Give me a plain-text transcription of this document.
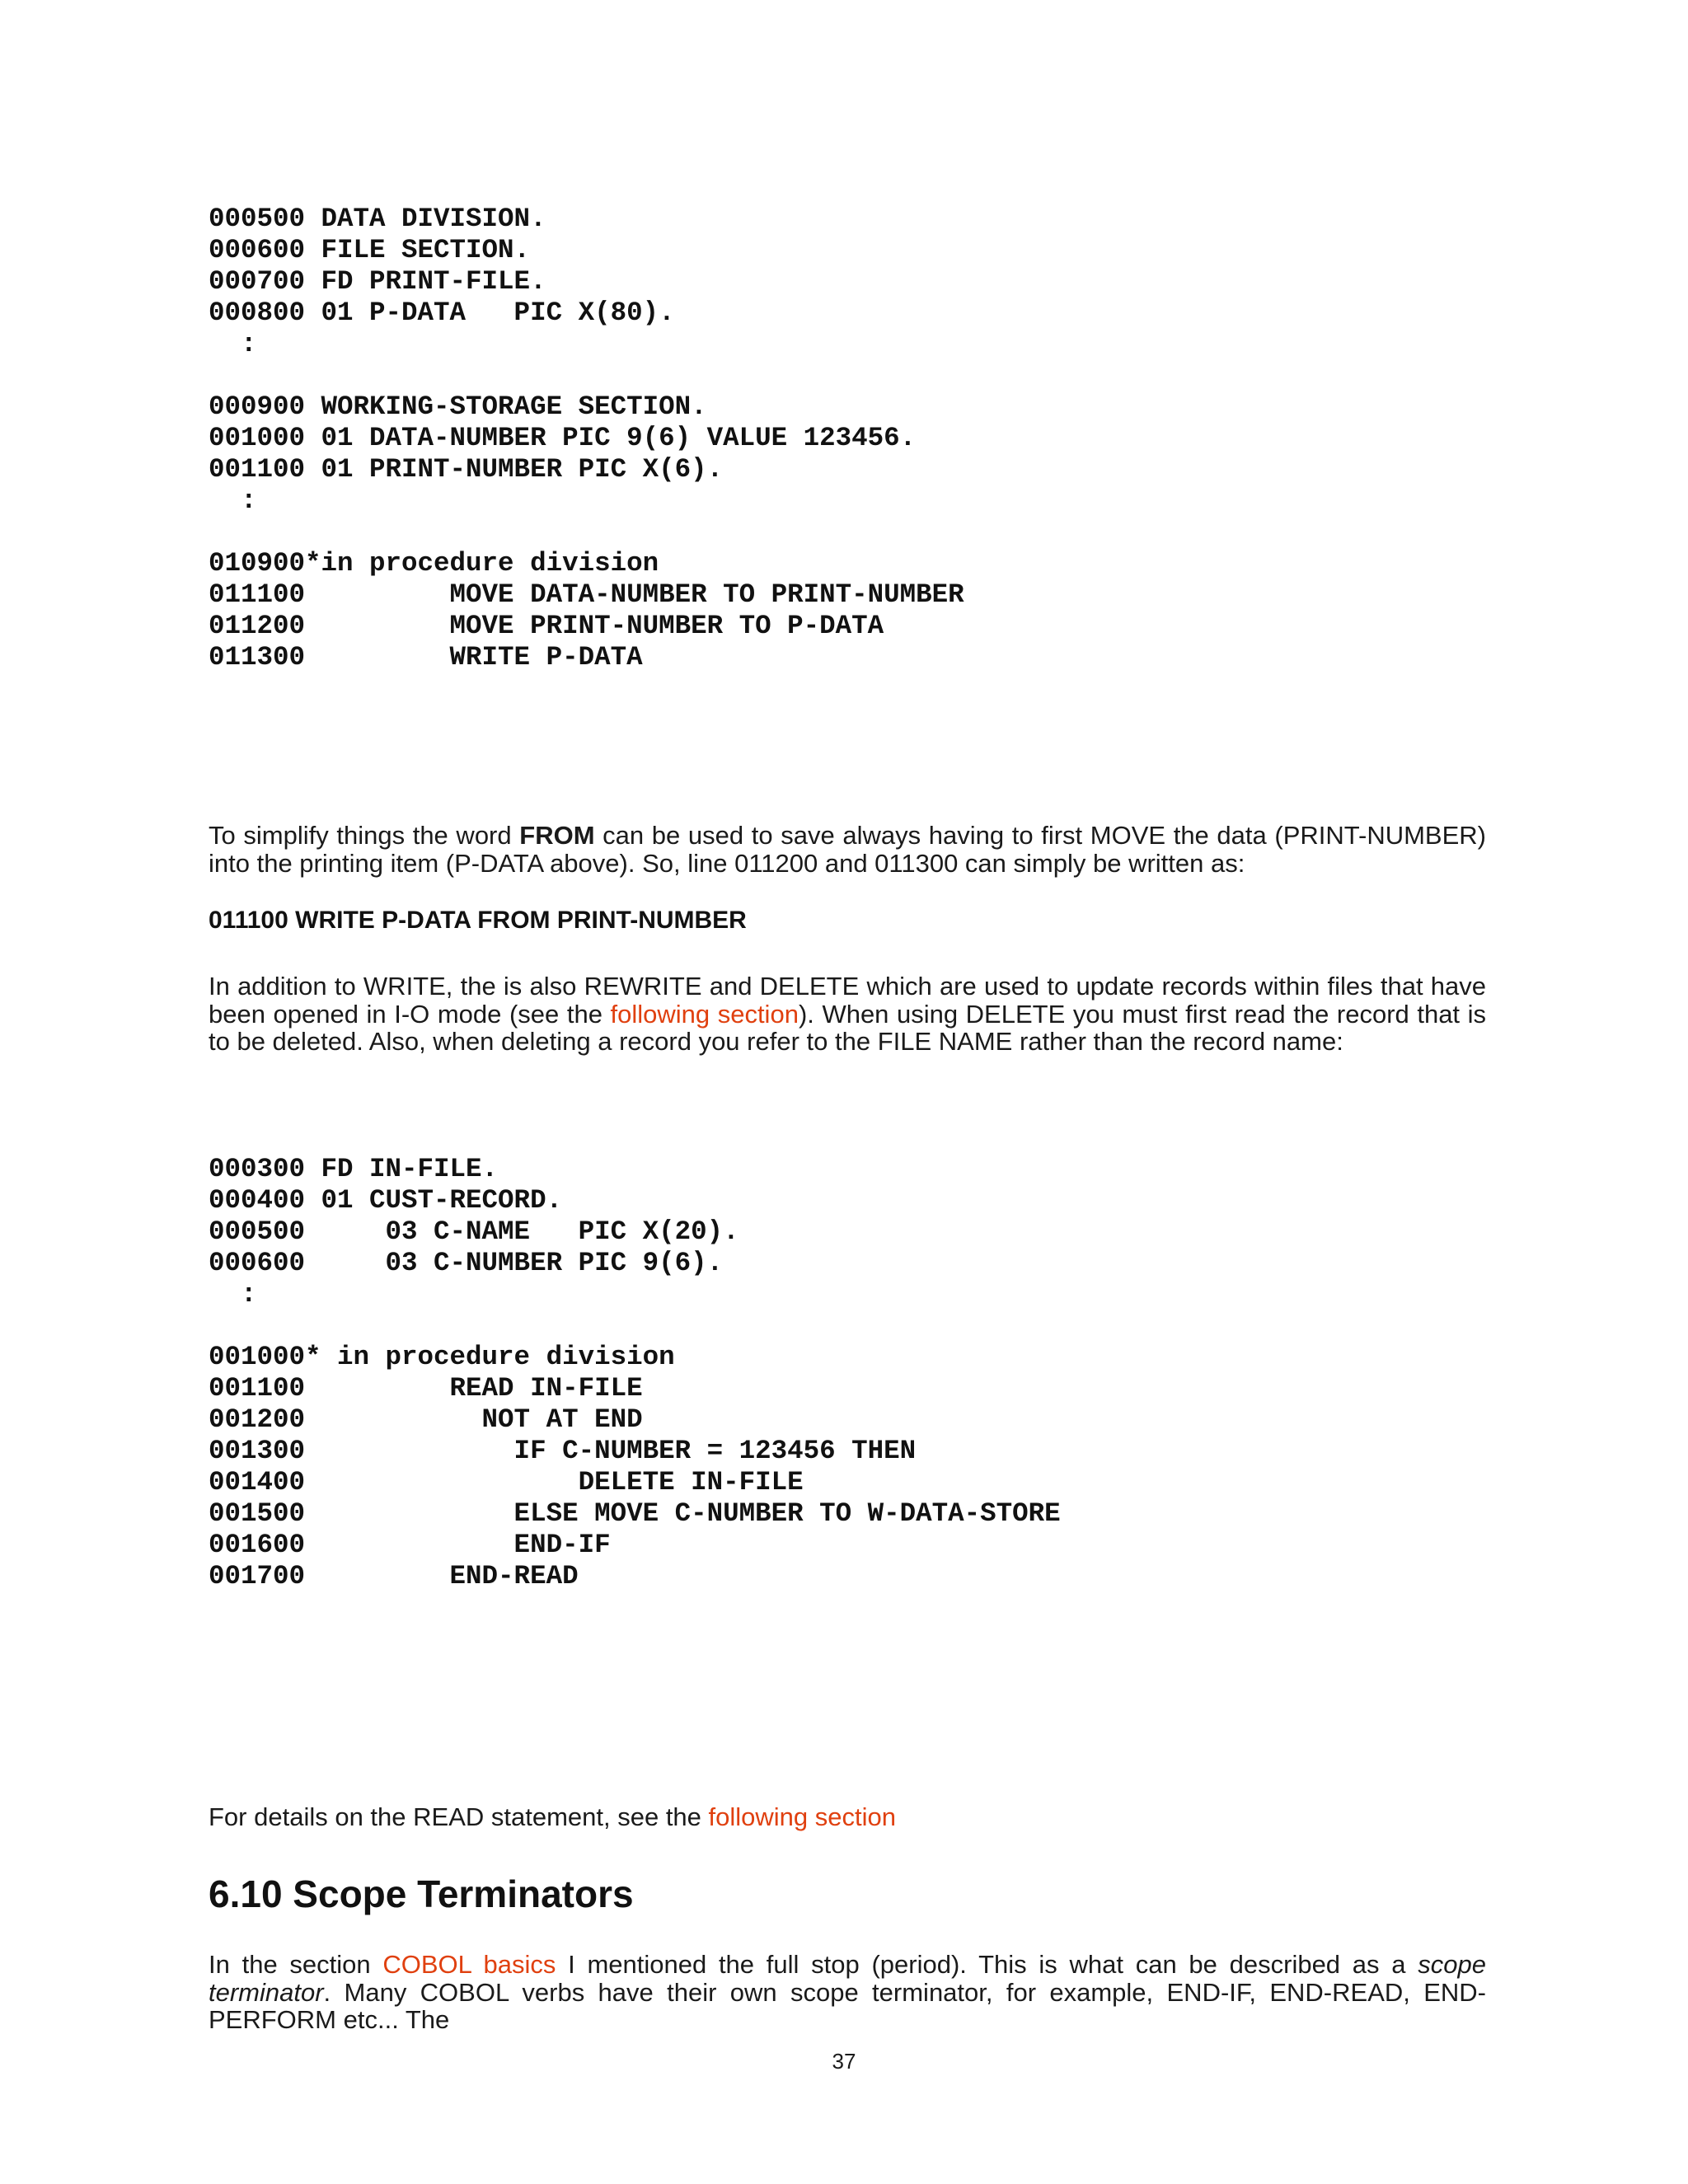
000500 DATA DIVISION.
000600 FILE SECTION.
000700 FD PRINT-FILE.
000800 01 P-DATA   PIC X(80).
:
000900 WORKING-STORAGE SECTION.
001000 01 DATA-NUMBER PIC 9(6) VALUE 123456.
001100 01 PRINT-NUMBER PIC X(6).
:
010900*in procedure division
011100         MOVE DATA-NUMBER TO PRINT-NUMBER
011200         MOVE PRINT-NUMBER TO P-DATA
011300         WRITE P-DATA

To simplify things the word FROM can be used to save always having to first MOVE the data (PRINT-NUMBER) into the printing item (P-DATA above). So, line 011200 and 011300 can simply be written as:

011100 WRITE P-DATA FROM PRINT-NUMBER

In addition to WRITE, the is also REWRITE and DELETE which are used to update records within files that have been opened in I-O mode (see the following section). When using DELETE you must first read the record that is to be deleted. Also, when deleting a record you refer to the FILE NAME rather than the record name:

000300 FD IN-FILE.
000400 01 CUST-RECORD.
000500     03 C-NAME   PIC X(20).
000600     03 C-NUMBER PIC 9(6).
:
001000* in procedure division
001100         READ IN-FILE
001200           NOT AT END
001300             IF C-NUMBER = 123456 THEN
001400                 DELETE IN-FILE
001500             ELSE MOVE C-NUMBER TO W-DATA-STORE
001600             END-IF
001700         END-READ

For details on the READ statement, see the following section

6.10 Scope Terminators

In the section COBOL basics I mentioned the full stop (period). This is what can be described as a scope terminator. Many COBOL verbs have their own scope terminator, for example, END-IF, END-READ, END-PERFORM etc... The

37
